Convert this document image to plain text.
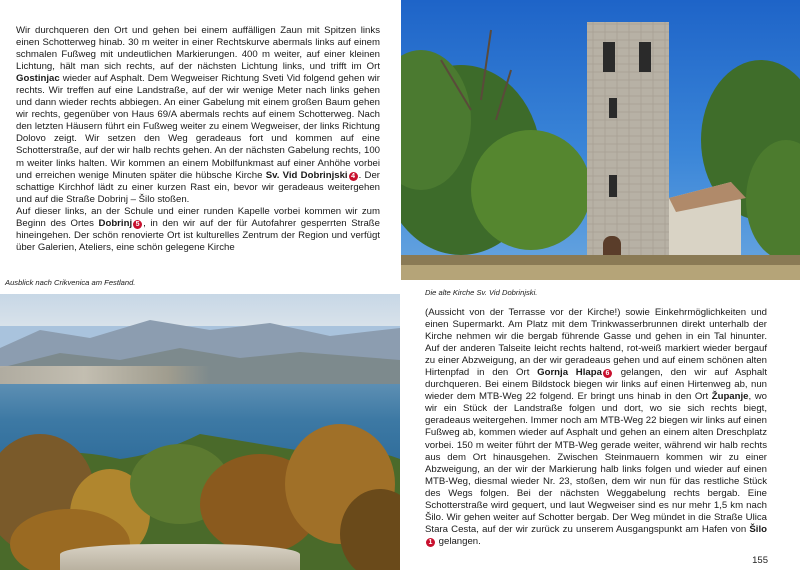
Wir durchqueren den Ort und gehen bei einem auffälligen Zaun mit Spitzen links einen Schotterweg hinab. 30 m weiter in einer Rechtskurve abermals links auf einem schmalen Fußweg mit undeutlichen Markierungen. 400 m weiter, auf einer kleinen Lichtung, hält man sich rechts, auf der nächsten Lichtung links, und trifft im Ort Gostinjac wieder auf Asphalt. Dem Wegweiser Richtung Sveti Vid folgend gehen wir rechts. Wir treffen auf eine Landstraße, auf der wir wenige Meter nach links gehen und dann wieder rechts abbiegen. An einer Gabelung mit einem großen Baum gehen wir rechts, gegenüber von Haus 69/A abermals rechts auf einem Schotterweg. Nach den letzten Häusern führt ein Fußweg weiter zu einem Wegweiser, der links Richtung Dolovo zeigt. Wir setzen den Weg geradeaus fort und kommen auf eine Schotterstraße, auf der wir halb rechts gehen. An der nächsten Gabelung rechts, 100 m weiter links halten. Wir kommen an einem Mobilfunkmast auf einer Anhöhe vorbei und erreichen wenige Minuten später die hübsche Kirche Sv. Vid Dobrinjski 4 . Der schattige Kirchhof lädt zu einer kurzen Rast ein, bevor wir geradeaus weitergehen und auf die Straße Dobrinj – Šilo stoßen.

Auf dieser links, an der Schule und einer runden Kapelle vorbei kommen wir zum Beginn des Ortes Dobrinj 5 , in den wir auf der für Autofahrer gesperrten Straße hineingehen. Der schön renovierte Ort ist kulturelles Zentrum der Region und verfügt über Galerien, Ateliers, eine schön gelegene Kirche

Die alte Kirche Sv. Vid Dobrinjski.

Ausblick nach Crikvenica am Festland.

(Aussicht von der Terrasse vor der Kirche!) sowie Einkehrmöglichkeiten und einen Supermarkt. Am Platz mit dem Trinkwasserbrunnen direkt unterhalb der Kirche nehmen wir die bergab führende Gasse und gehen in ein Tal hinunter. Auf der anderen Talseite leicht rechts haltend, rot-weiß markiert wieder bergauf zu einer Abzweigung, an der wir geradeaus gehen und auf einem schönen alten Hirtenpfad in den Ort Gornja Hlapa 6 gelangen, den wir auf Asphalt durchqueren. Bei einem Bildstock biegen wir links auf einen Hirtenweg ab, nun wieder dem MTB-Weg 22 folgend. Er bringt uns hinab in den Ort Županje, wo wir ein Stück der Landstraße folgen und dort, wo sie sich rechts biegt, geradeaus weitergehen. Immer noch am MTB-Weg 22 biegen wir links auf einen Fußweg ab, kommen wieder auf Asphalt und gehen an einem alten Dreschplatz vorbei. 150 m weiter führt der MTB-Weg gerade weiter, während wir halb rechts aus dem Ort hinausgehen. Zwischen Steinmauern kommen wir zu einer Abzweigung, an der wir der Markierung halb links folgen und wieder auf einen MTB-Weg, diesmal wieder Nr. 23, stoßen, dem wir nun für das restliche Stück des Wegs folgen. Bei der nächsten Weggabelung rechts bergab. Eine Schotterstraße wird gequert, und laut Wegweiser sind es nur mehr 1,5 km nach Šilo. Wir gehen weiter auf Schotter bergab. Der Weg mündet in die Straße Ulica Stara Cesta, auf der wir zurück zu unserem Ausgangspunkt am Hafen von Šilo1 gelangen.

155
